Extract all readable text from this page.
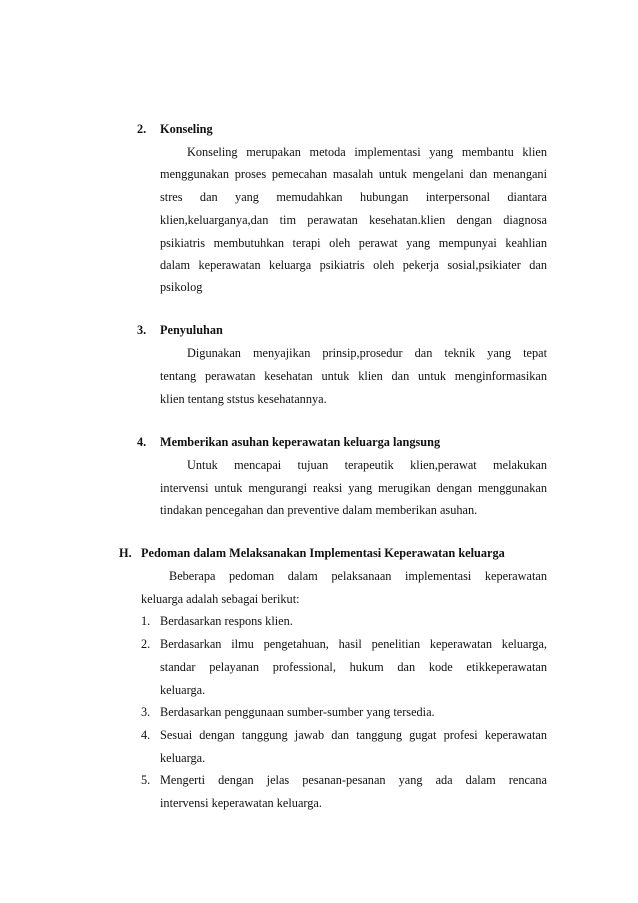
2. Konseling
Konseling merupakan metoda implementasi yang membantu klien
menggunakan proses pemecahan masalah untuk mengelani dan menangani
stres dan yang memudahkan hubungan interpersonal diantara
klien,keluarganya,dan tim perawatan kesehatan.klien dengan diagnosa
psikiatris membutuhkan terapi oleh perawat yang mempunyai keahlian
dalam keperawatan keluarga psikiatris oleh pekerja sosial,psikiater dan
psikolog
3. Penyuluhan
Digunakan menyajikan prinsip,prosedur dan teknik yang tepat
tentang perawatan kesehatan untuk klien dan untuk menginformasikan
klien tentang ststus kesehatannya.
4. Memberikan asuhan keperawatan keluarga langsung
Untuk mencapai tujuan terapeutik klien,perawat melakukan
intervensi untuk mengurangi reaksi yang merugikan dengan menggunakan
tindakan pencegahan dan preventive dalam memberikan asuhan.
H. Pedoman dalam Melaksanakan Implementasi Keperawatan keluarga
Beberapa pedoman dalam pelaksanaan implementasi keperawatan
keluarga adalah sebagai berikut:
1. Berdasarkan respons klien.
2. Berdasarkan ilmu pengetahuan, hasil penelitian keperawatan keluarga,
standar pelayanan professional, hukum dan kode etikkeperawatan
keluarga.
3. Berdasarkan penggunaan sumber-sumber yang tersedia.
4. Sesuai dengan tanggung jawab dan tanggung gugat profesi keperawatan
keluarga.
5. Mengerti dengan jelas pesanan-pesanan yang ada dalam rencana
intervensi keperawatan keluarga.
